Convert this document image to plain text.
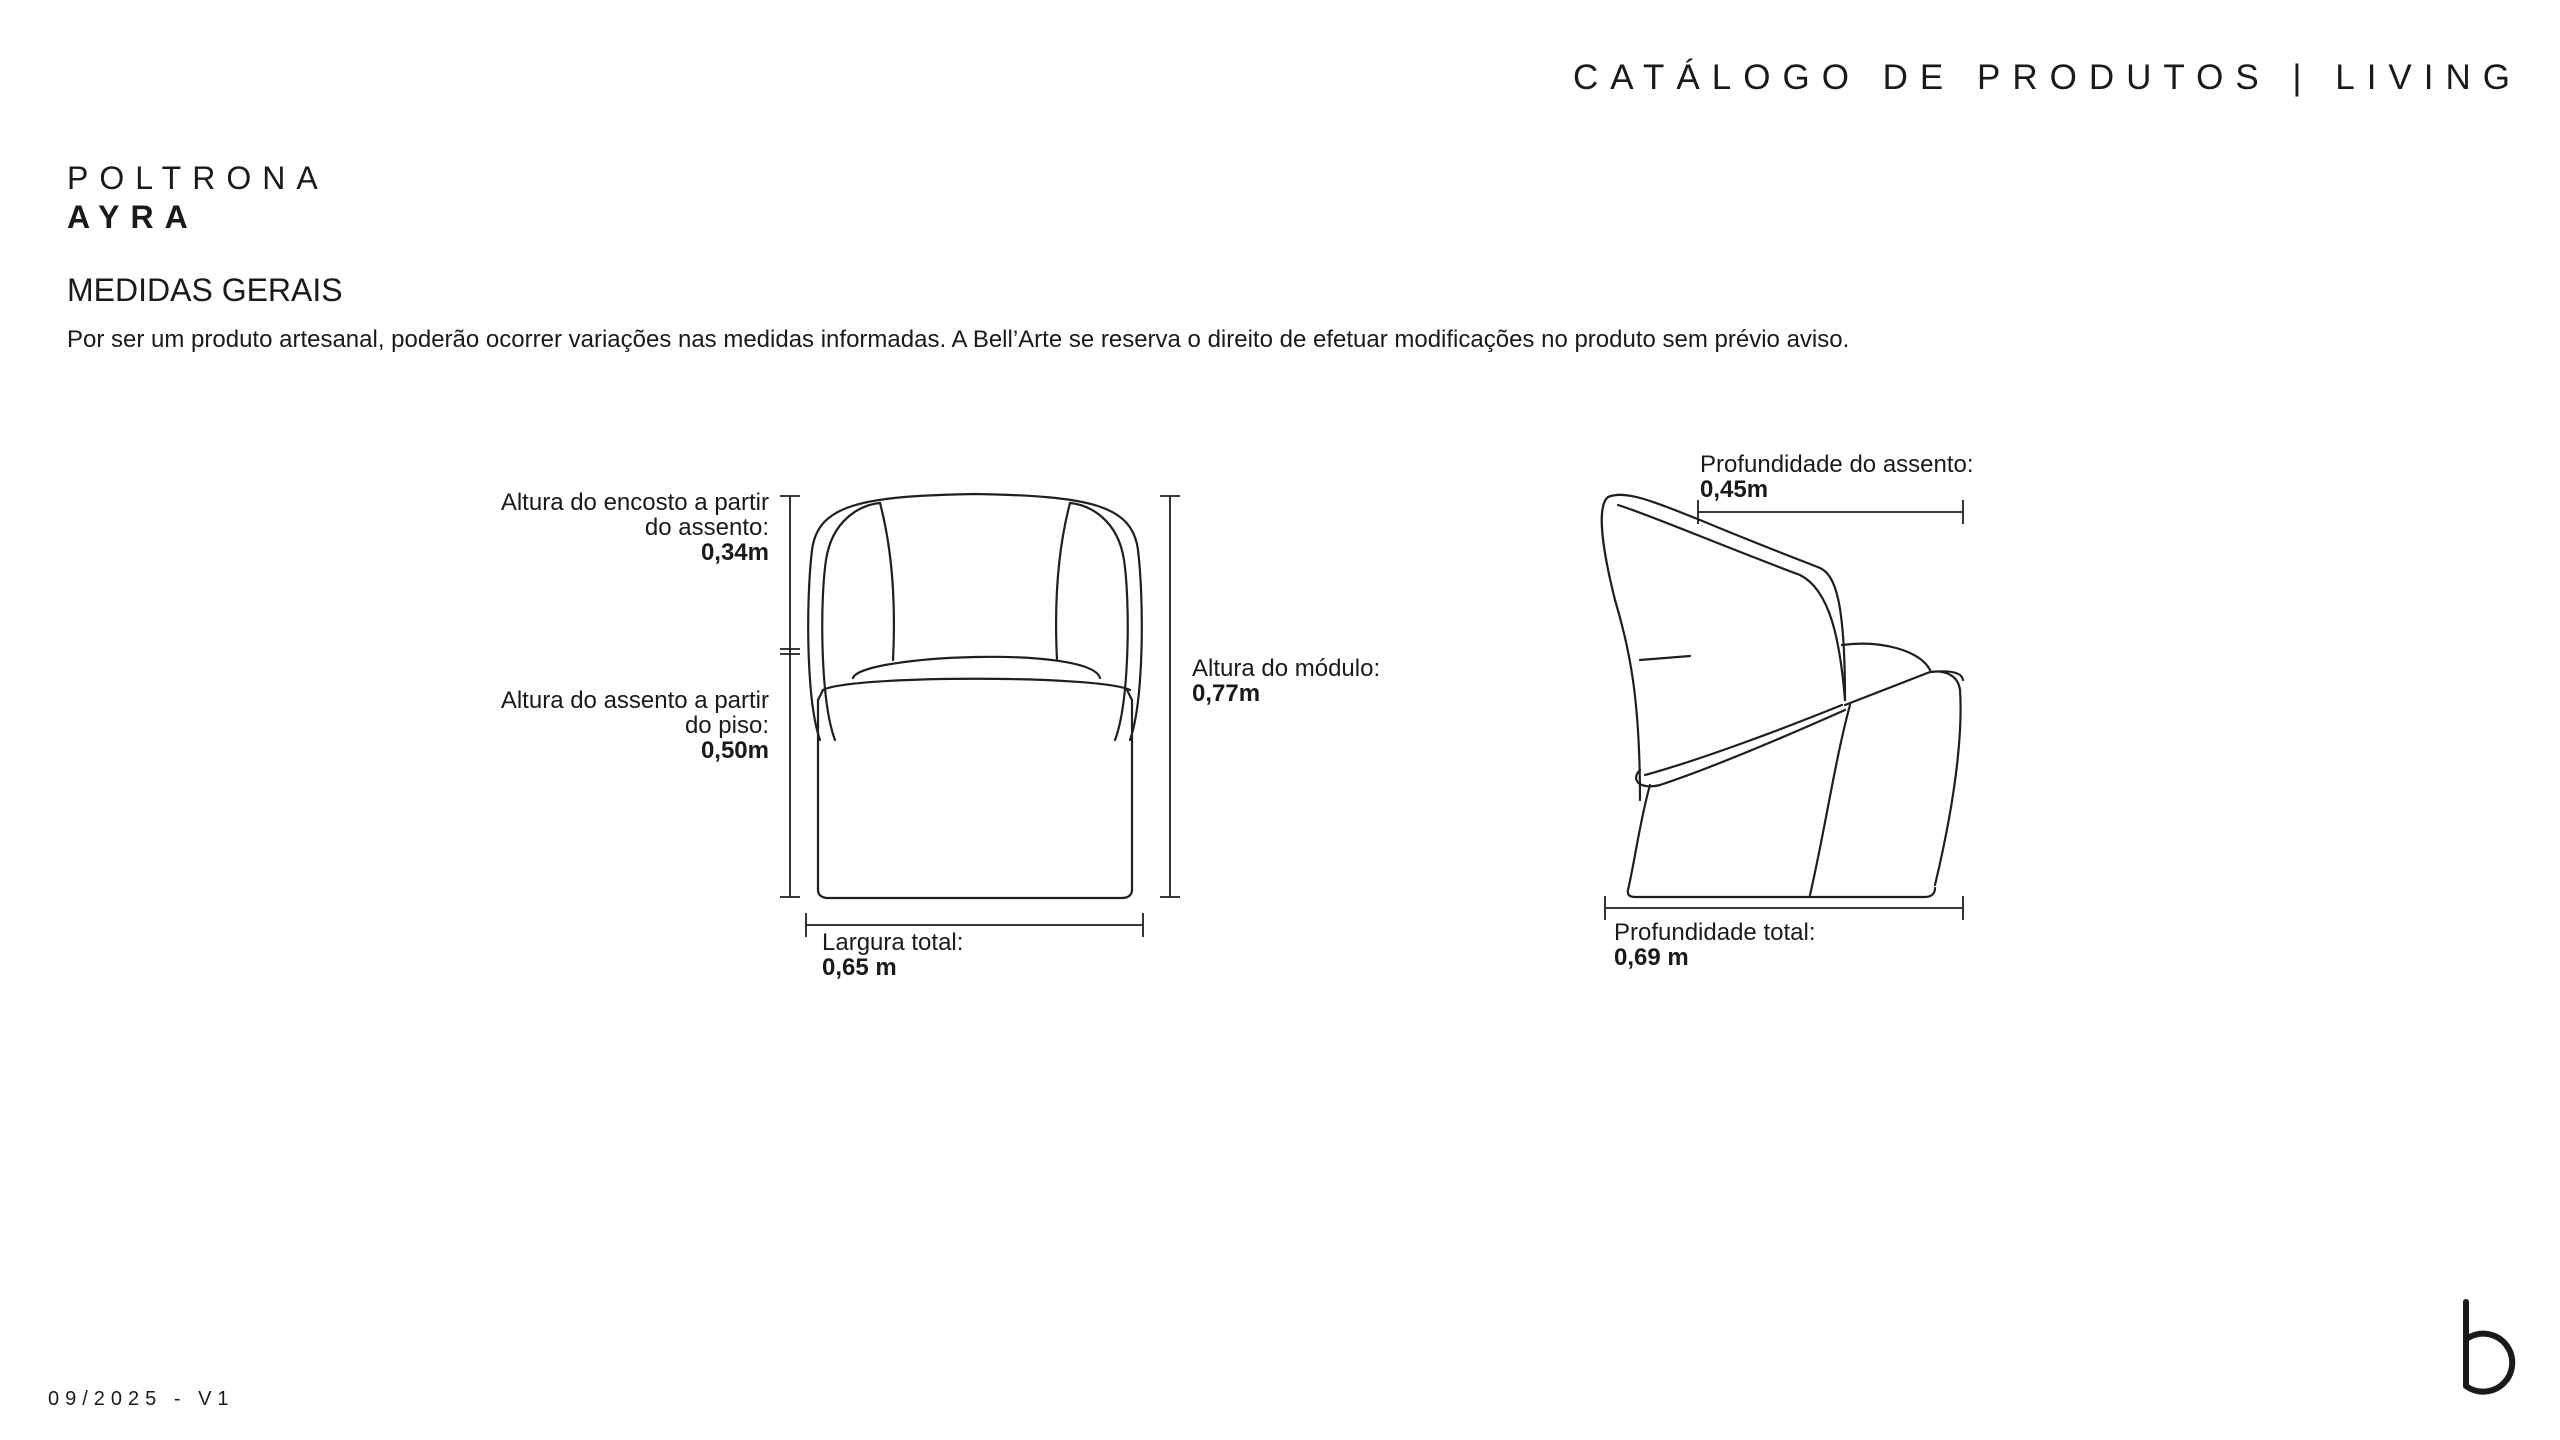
CATÁLOGO DE PRODUTOS | LIVING
POLTRONA
AYRA
MEDIDAS GERAIS
Por ser um produto artesanal, poderão ocorrer variações nas medidas informadas. A Bell’Arte se reserva o direito de efetuar modificações no produto sem prévio aviso.
Altura do encosto a partir
do assento:
0,34m
Altura do assento a partir
do piso:
0,50m
Altura do módulo:
0,77m
Largura total:
0,65 m
Profundidade do assento:
0,45m
Profundidade total:
0,69 m
09/2025 - V1
